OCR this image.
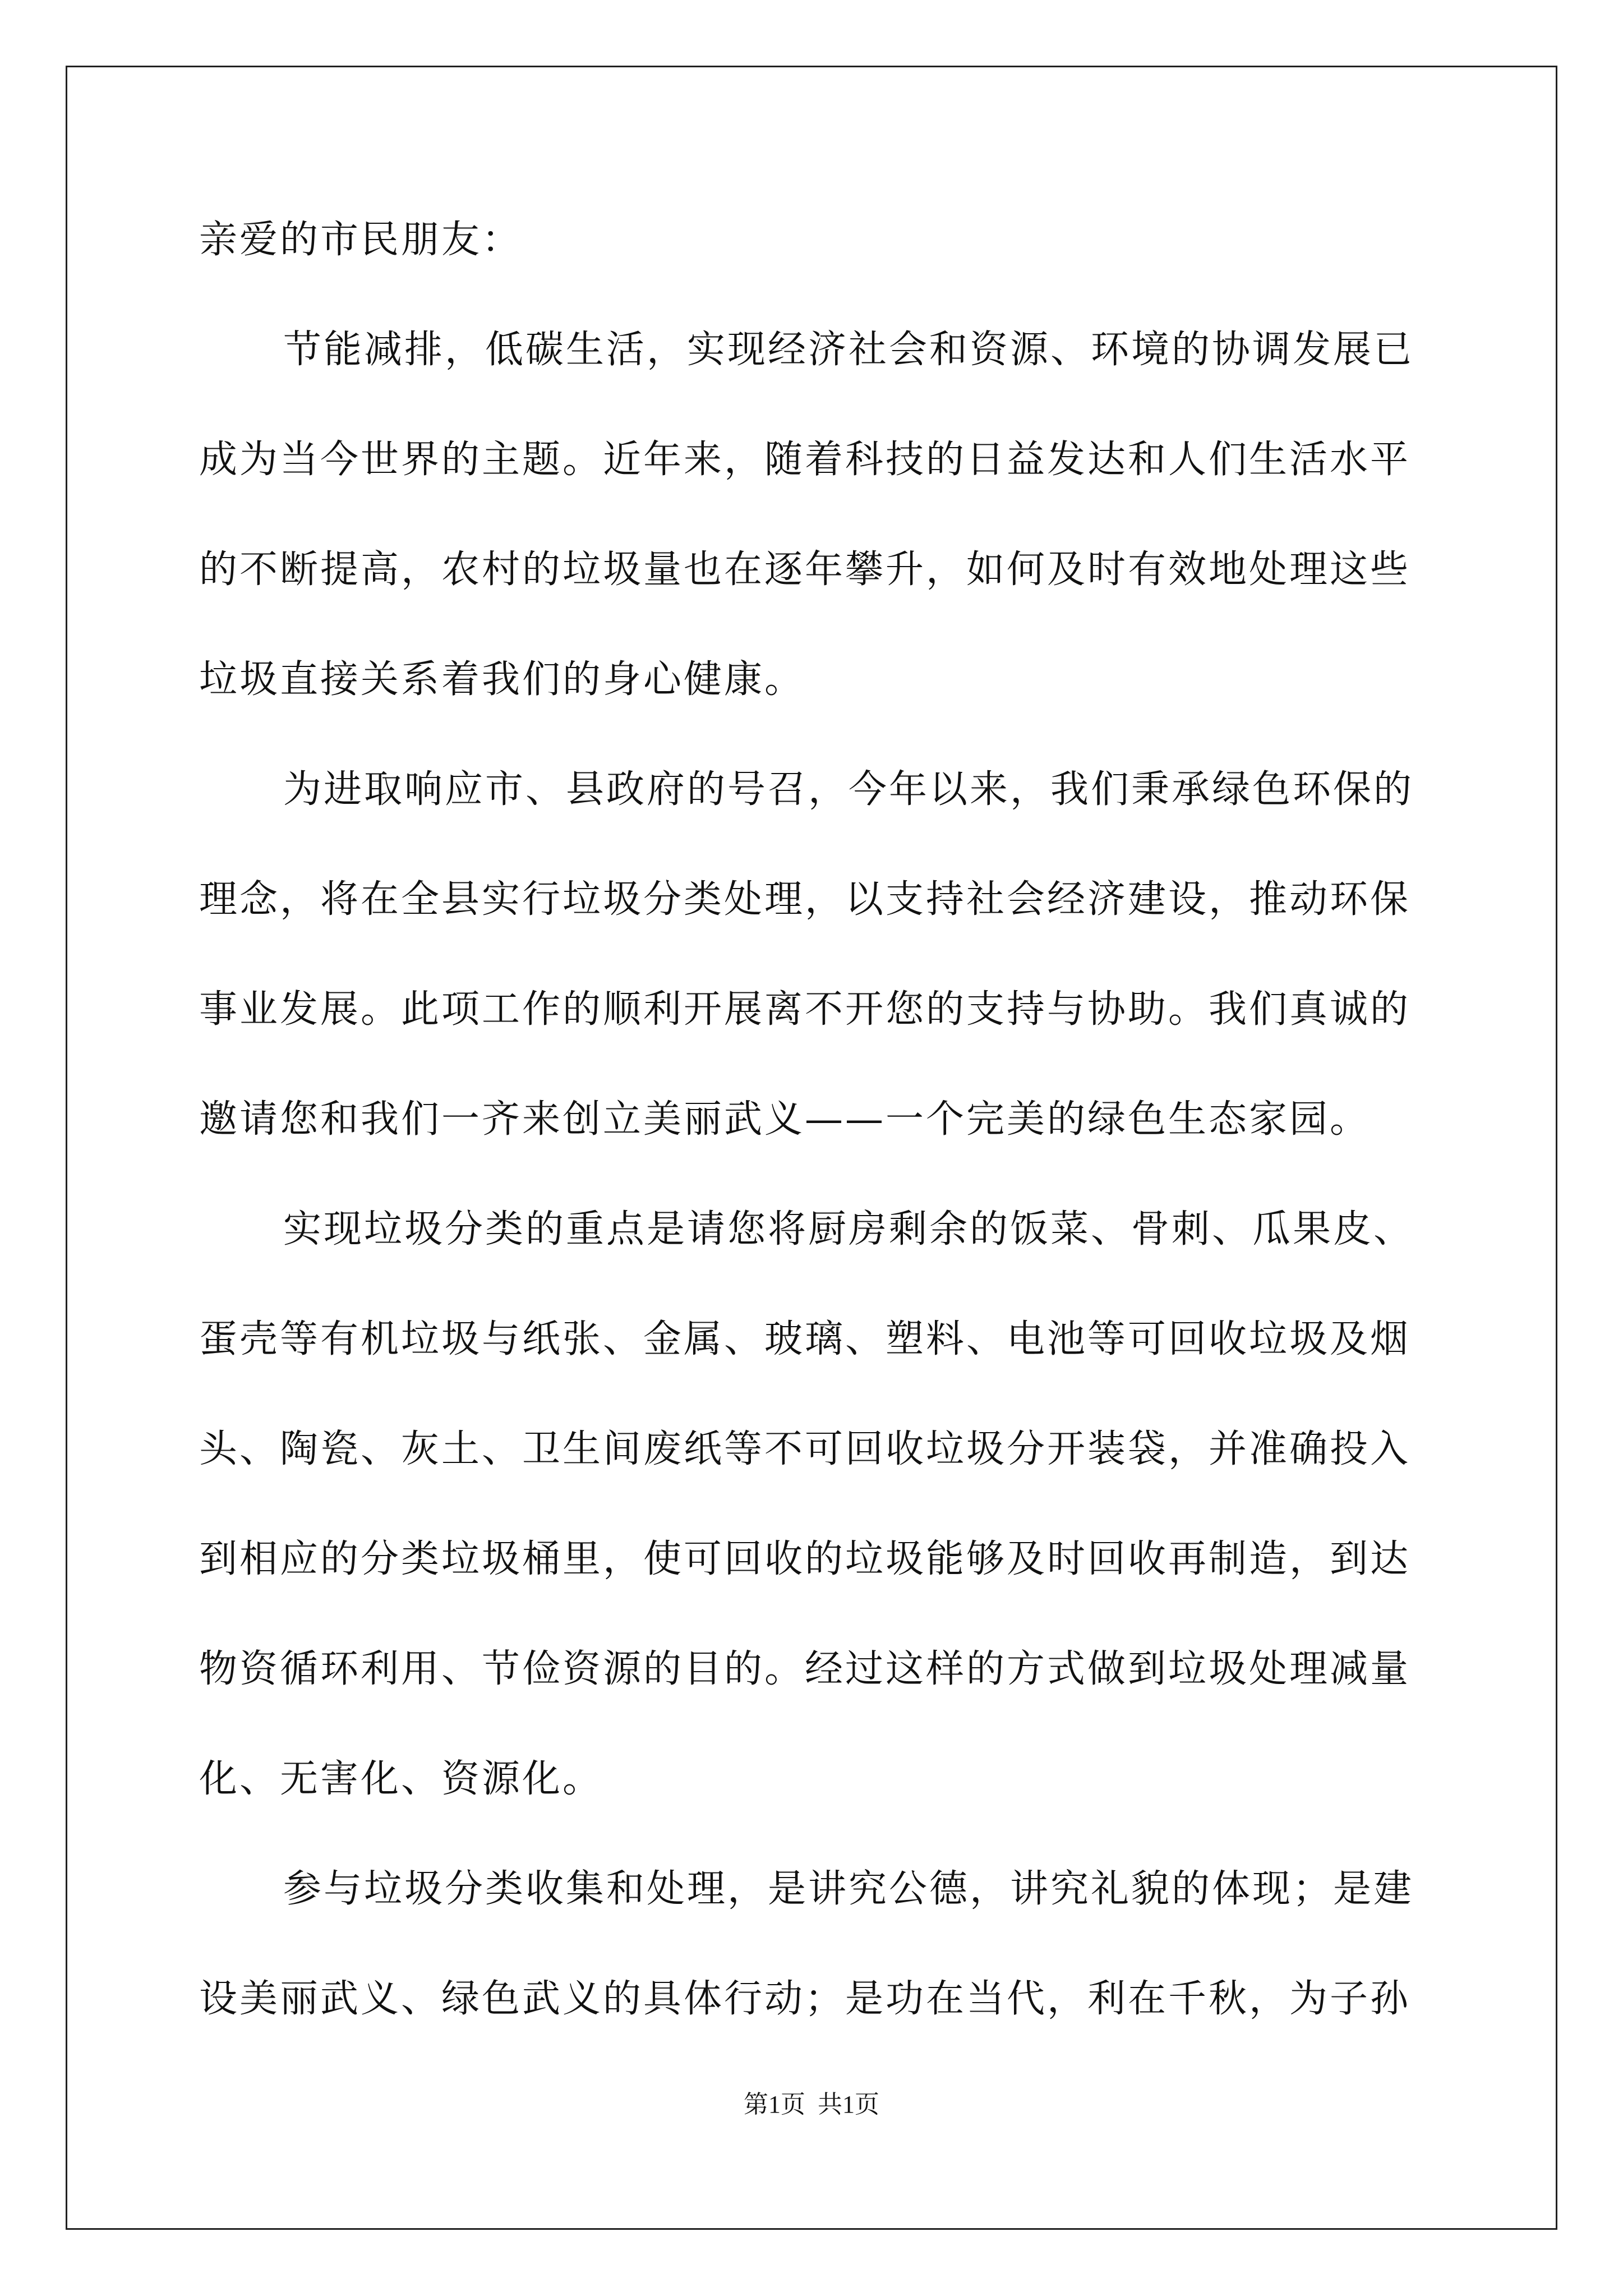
亲爱的市民朋友：
节能减排，低碳生活，实现经济社会和资源、环境的协调发展已
成为当今世界的主题。近年来，随着科技的日益发达和人们生活水平
的不断提高，农村的垃圾量也在逐年攀升，如何及时有效地处理这些
垃圾直接关系着我们的身心健康。
为进取响应市、县政府的号召，今年以来，我们秉承绿色环保的
理念，将在全县实行垃圾分类处理，以支持社会经济建设，推动环保
事业发展。此项工作的顺利开展离不开您的支持与协助。我们真诚的
邀请您和我们一齐来创立美丽武义——一个完美的绿色生态家园。
实现垃圾分类的重点是请您将厨房剩余的饭菜、骨刺、瓜果皮、
蛋壳等有机垃圾与纸张、金属、玻璃、塑料、电池等可回收垃圾及烟
头、陶瓷、灰土、卫生间废纸等不可回收垃圾分开装袋，并准确投入
到相应的分类垃圾桶里，使可回收的垃圾能够及时回收再制造，到达
物资循环利用、节俭资源的目的。经过这样的方式做到垃圾处理减量
化、无害化、资源化。
参与垃圾分类收集和处理，是讲究公德，讲究礼貌的体现；是建
设美丽武义、绿色武义的具体行动；是功在当代，利在千秋，为子孙
第1页  共1页
